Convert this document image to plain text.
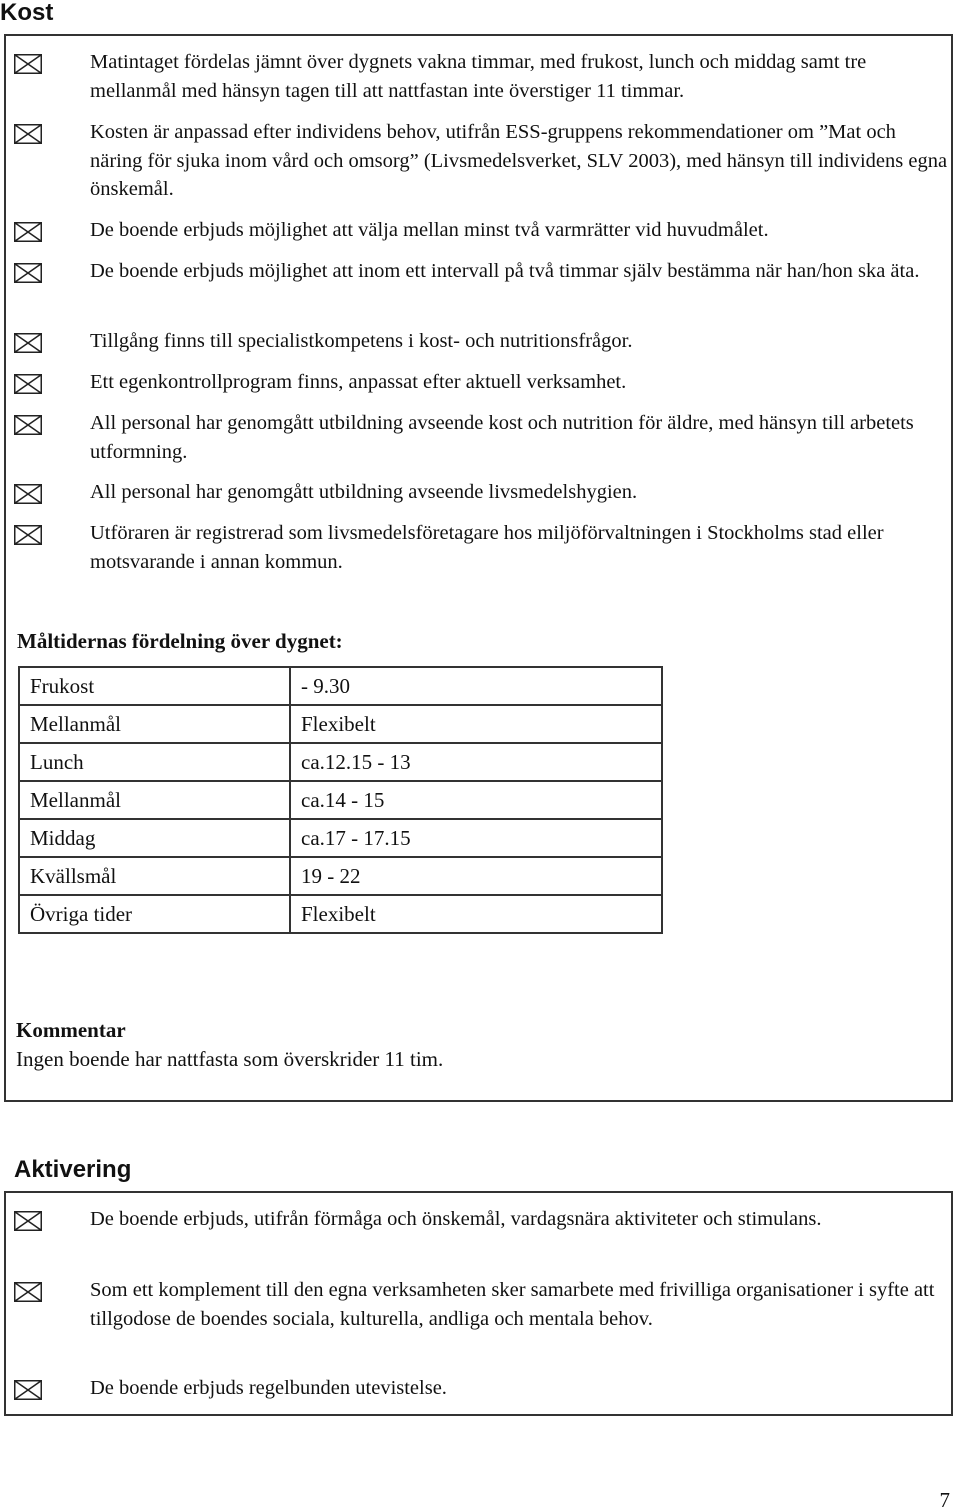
Kost
Matintaget fördelas jämnt över dygnets vakna timmar, med frukost, lunch och middag samt tre mellanmål med hänsyn tagen till att nattfastan inte överstiger 11 timmar.
Kosten är anpassad efter individens behov, utifrån ESS-gruppens rekommendationer om ”Mat och näring för sjuka inom vård och omsorg” (Livsmedelsverket, SLV 2003), med hänsyn till individens egna önskemål.
De boende erbjuds möjlighet att välja mellan minst två varmrätter vid huvudmålet.
De boende erbjuds möjlighet att inom ett intervall på två timmar själv bestämma när han/hon ska äta.
Tillgång finns till specialistkompetens i kost- och nutritionsfrågor.
Ett egenkontrollprogram finns, anpassat efter aktuell verksamhet.
All personal har genomgått utbildning avseende kost och nutrition för äldre, med hänsyn till arbetets utformning.
All personal har genomgått utbildning avseende livsmedelshygien.
Utföraren är registrerad som livsmedelsföretagare hos miljöförvaltningen i Stockholms stad eller motsvarande i annan kommun.
Måltidernas fördelning över dygnet:
Frukost	- 9.30
Mellanmål	Flexibelt
Lunch	ca.12.15 - 13
Mellanmål	ca.14 - 15
Middag	ca.17 - 17.15
Kvällsmål	19 - 22
Övriga tider	Flexibelt
Kommentar
Ingen boende har nattfasta som överskrider 11 tim.
Aktivering
De boende erbjuds, utifrån förmåga och önskemål, vardagsnära aktiviteter och stimulans.
Som ett komplement till den egna verksamheten sker samarbete med frivilliga organisationer i syfte att tillgodose de boendes sociala, kulturella, andliga och mentala behov.
De boende erbjuds regelbunden utevistelse.
7
